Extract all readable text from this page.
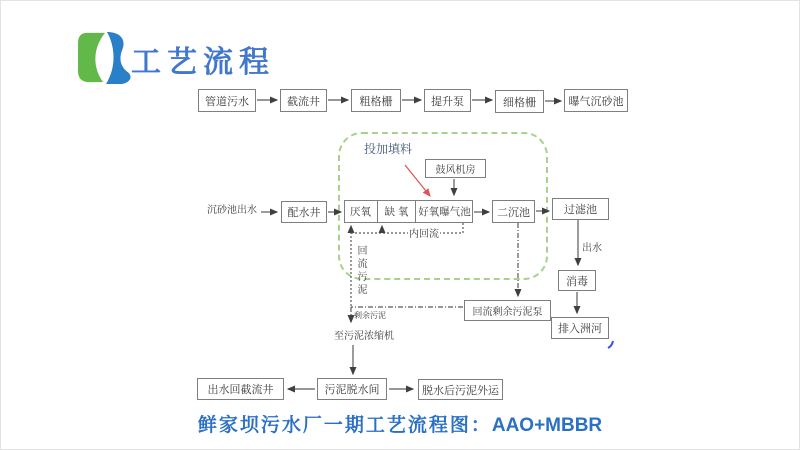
工艺流程
管道污水	截流井	粗格栅	提升泵	细格栅	曝气沉砂池
鼓风机房
配水井	厌氧	缺 氧 好氧曝气池	二沉池	过滤池
回流剩余污泥泵
消毒
排入洲河
出水回截流井	污泥脱水间	脱水后污泥外运
沉砂池出水
投加填料
内回流
回流污泥
剩余污泥
至污泥浓缩机
出水
鲜家坝污水厂一期工艺流程图：AAO+MBBR
